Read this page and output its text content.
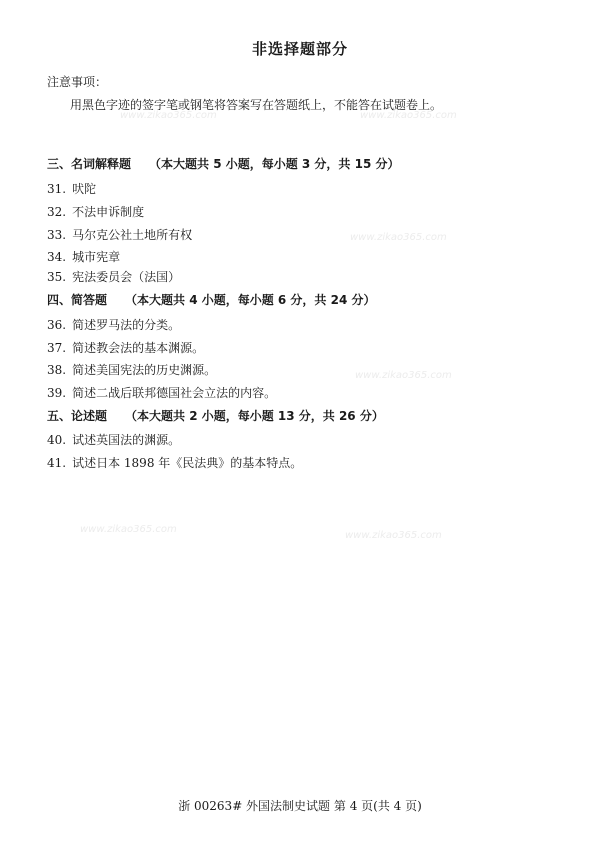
非选择题部分
注意事项：
用黑色字迹的签字笔或钢笔将答案写在答题纸上，不能答在试题卷上。
三、名词解释题 （本大题共 5 小题，每小题 3 分，共 15 分）
31. 吠陀
32. 不法申诉制度
33. 马尔克公社土地所有权
34. 城市宪章
35. 宪法委员会（法国）
四、简答题 （本大题共 4 小题，每小题 6 分，共 24 分）
36. 简述罗马法的分类。
37. 简述教会法的基本渊源。
38. 简述美国宪法的历史渊源。
39. 简述二战后联邦德国社会立法的内容。
五、论述题 （本大题共 2 小题，每小题 13 分，共 26 分）
40. 试述英国法的渊源。
41. 试述日本 1898 年《民法典》的基本特点。
www.zikao365.com	www.zikao365.com
www.zikao365.com
www.zikao365.com
www.zikao365.com
www.zikao365.com
浙 00263# 外国法制史试题 第 4 页(共 4 页)
